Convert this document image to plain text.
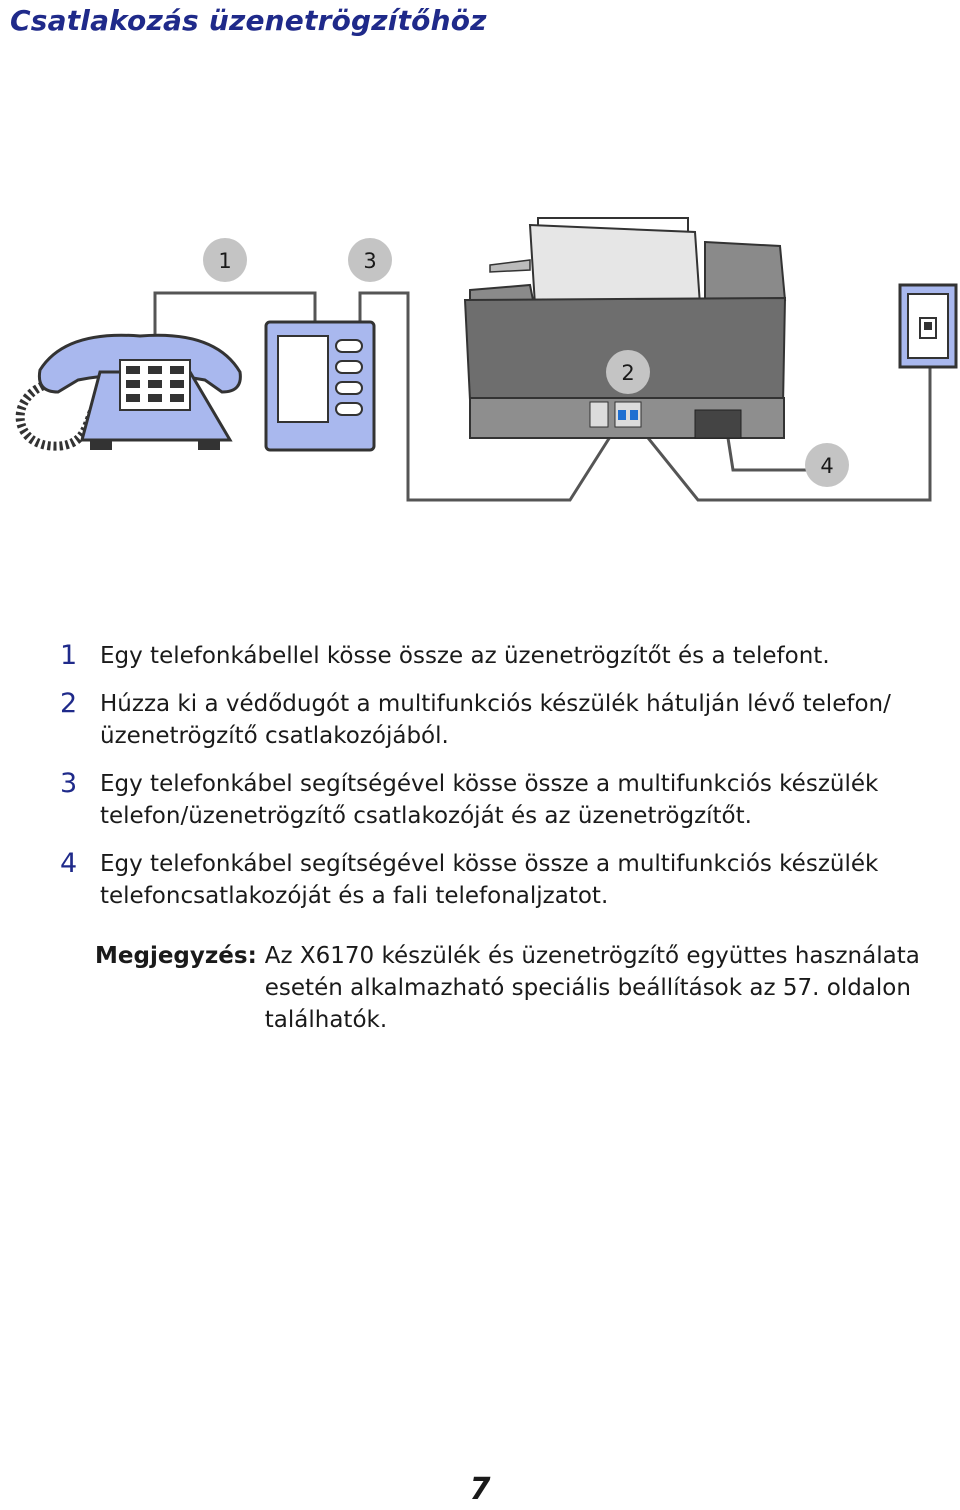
Csatlakozás üzenetrögzítőhöz
1	3
2
4
1 Egy telefonkábellel kösse össze az üzenetrögzítőt és a telefont.
2 Húzza ki a védődugót a multifunkciós készülék hátulján lévő telefon/ üzenetrögzítő csatlakozójából.
3 Egy telefonkábel segítségével kösse össze a multifunkciós készülék telefon/üzenetrögzítő csatlakozóját és az üzenetrögzítőt.
4 Egy telefonkábel segítségével kösse össze a multifunkciós készülék telefoncsatlakozóját és a fali telefonaljzatot.
Megjegyzés: Az X6170 készülék és üzenetrögzítő együttes használata esetén alkalmazható speciális beállítások az 57. oldalon találhatók.
7
